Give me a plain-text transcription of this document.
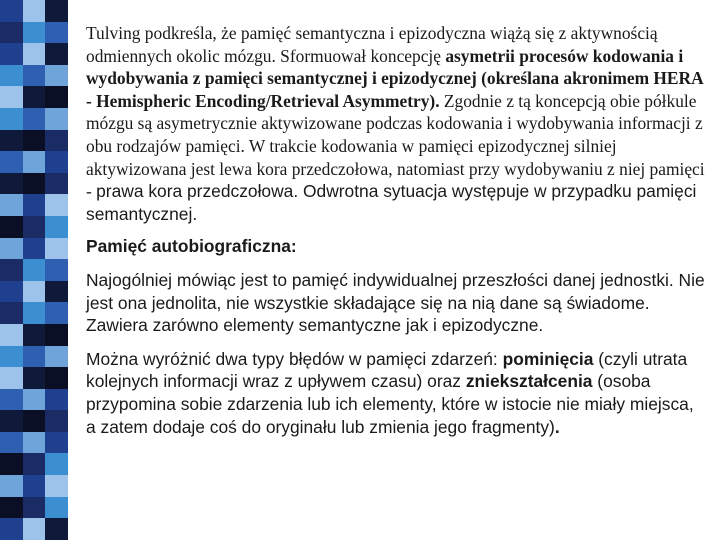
Tulving podkreśla, że pamięć semantyczna i epizodyczna wiążą się z aktywnością odmiennych okolic mózgu. Sformuował koncepcję asymetrii procesów kodowania i wydobywania z pamięci semantycznej i epizodycznej (określana akronimem HERA - Hemispheric Encoding/Retrieval Asymmetry). Zgodnie z tą koncepcją obie półkule mózgu są asymetrycznie aktywizowane podczas kodowania i wydobywania informacji z obu rodzajów pamięci. W trakcie kodowania w pamięci epizodycznej silniej aktywizowana jest lewa kora przedczołowa, natomiast przy wydobywaniu z niej pamięci - prawa kora przedczołowa. Odwrotna sytuacja występuje w przypadku pamięci semantycznej.

Pamięć autobiograficzna:

Najogólniej mówiąc jest to pamięć indywidualnej przeszłości danej jednostki. Nie jest ona jednolita, nie wszystkie składające się na nią dane są świadome. Zawiera zarówno elementy semantyczne jak i epizodyczne.

Można wyróżnić dwa typy błędów w pamięci zdarzeń: pominięcia (czyli utrata kolejnych informacji wraz z upływem czasu) oraz zniekształcenia (osoba przypomina sobie zdarzenia lub ich elementy, które w istocie nie miały miejsca, a zatem dodaje coś do oryginału lub zmienia jego fragmenty).
